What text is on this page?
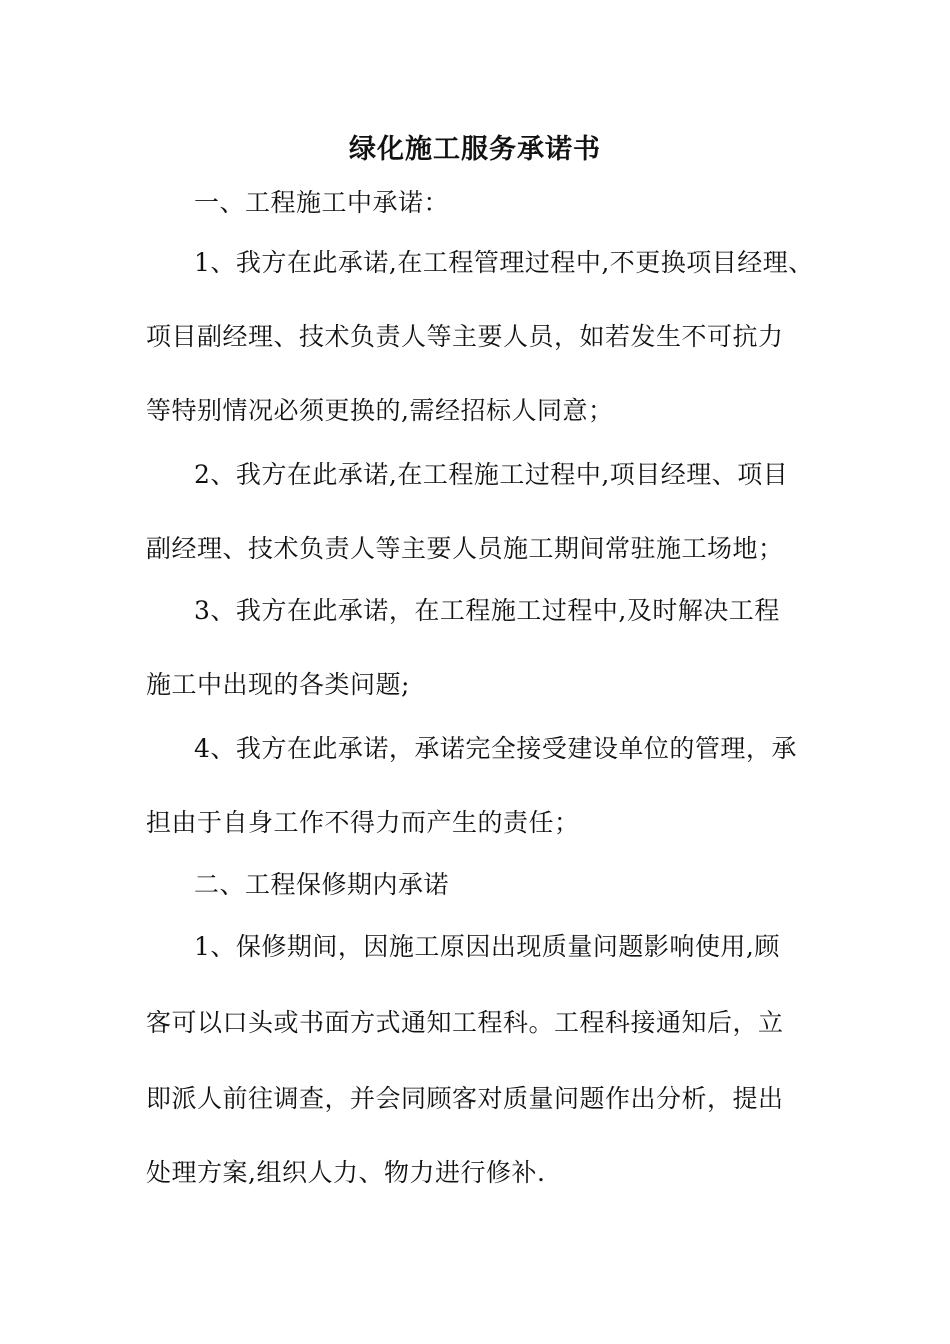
绿化施工服务承诺书
一、工程施工中承诺：
1、我方在此承诺,在工程管理过程中,不更换项目经理、
项目副经理、技术负责人等主要人员，如若发生不可抗力
等特别情况必须更换的,需经招标人同意；
2、我方在此承诺,在工程施工过程中,项目经理、项目
副经理、技术负责人等主要人员施工期间常驻施工场地；
3、我方在此承诺，在工程施工过程中,及时解决工程
施工中出现的各类问题;
4、我方在此承诺，承诺完全接受建设单位的管理，承
担由于自身工作不得力而产生的责任；
二、工程保修期内承诺
1、保修期间，因施工原因出现质量问题影响使用,顾
客可以口头或书面方式通知工程科。工程科接通知后，立
即派人前往调查，并会同顾客对质量问题作出分析，提出
处理方案,组织人力、物力进行修补.
